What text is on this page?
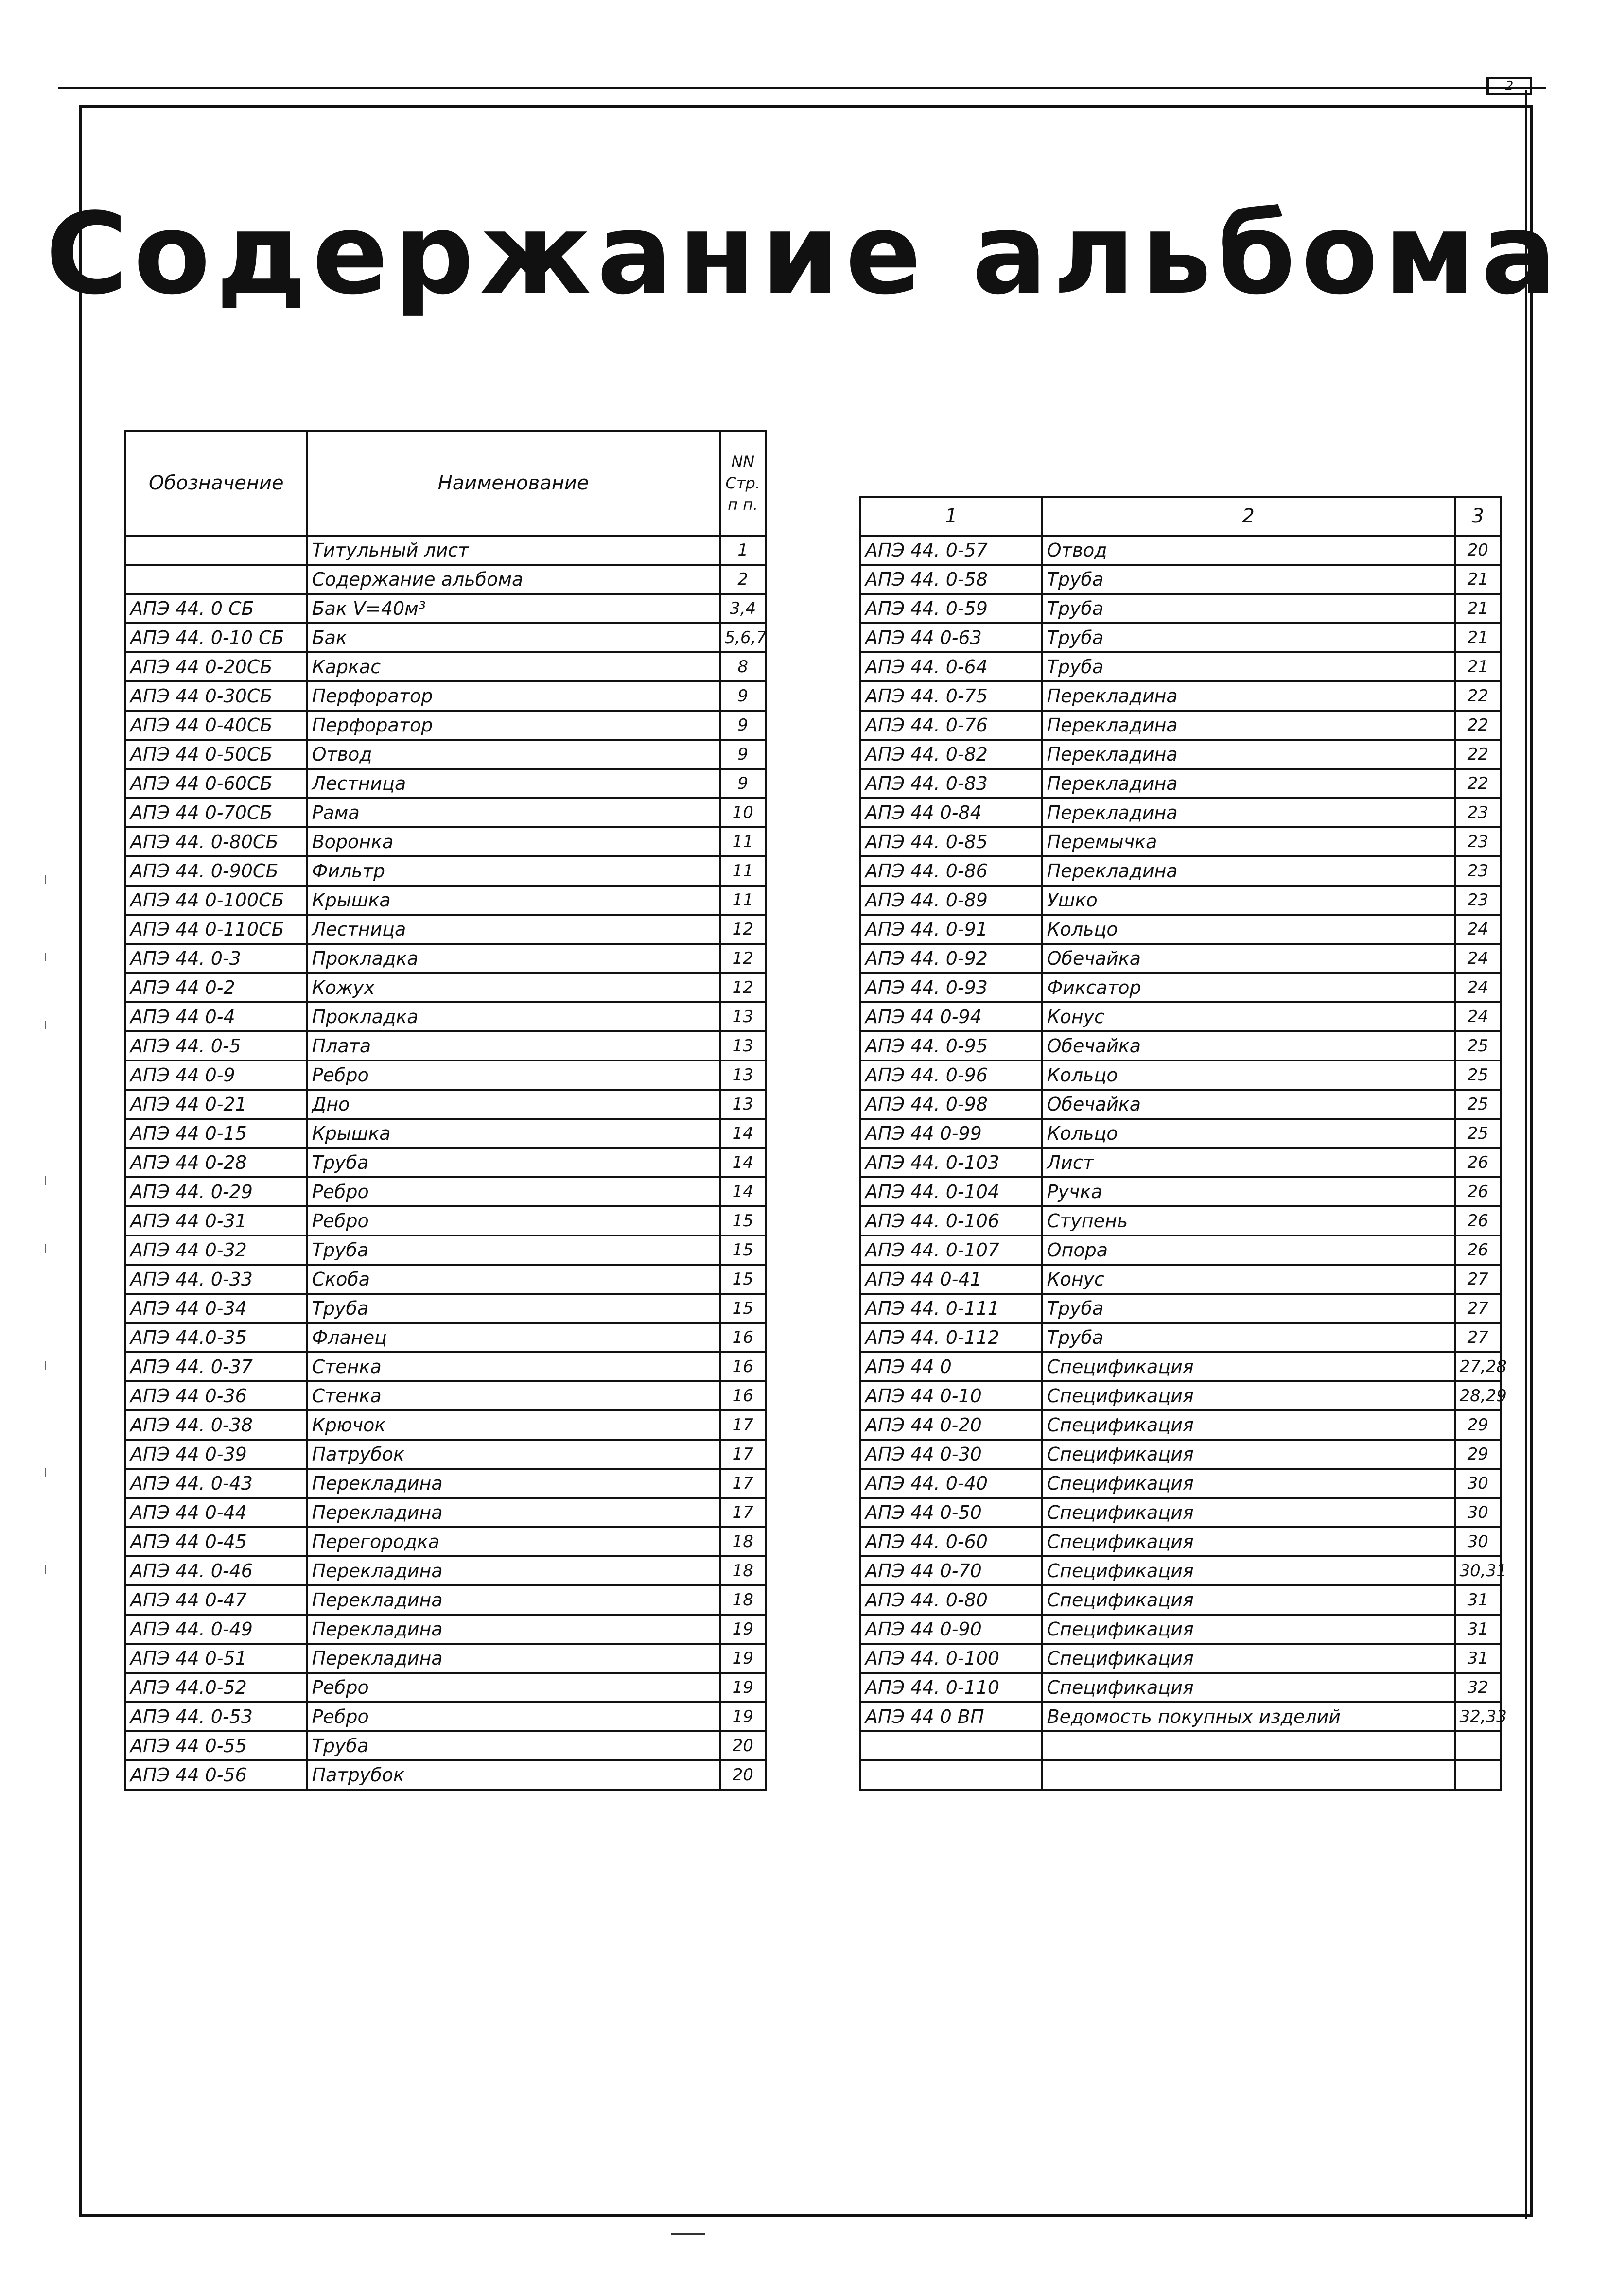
2
Содержание альбома
Обозначение	Наименование	NN Стр. п п.
	Титульный лист	1
	Содержание альбома	2
АПЭ 44. 0 СБ	Бак V=40м³	3,4
АПЭ 44. 0-10 СБ	Бак	5,6,7
АПЭ 44 0-20СБ	Каркас	8
АПЭ 44 0-30СБ	Перфоратор	9
АПЭ 44 0-40СБ	Перфоратор	9
АПЭ 44 0-50СБ	Отвод	9
АПЭ 44 0-60СБ	Лестница	9
АПЭ 44 0-70СБ	Рама	10
АПЭ 44. 0-80СБ	Воронка	11
АПЭ 44. 0-90СБ	Фильтр	11
АПЭ 44 0-100СБ	Крышка	11
АПЭ 44 0-110СБ	Лестница	12
АПЭ 44. 0-3	Прокладка	12
АПЭ 44 0-2	Кожух	12
АПЭ 44 0-4	Прокладка	13
АПЭ 44. 0-5	Плата	13
АПЭ 44 0-9	Ребро	13
АПЭ 44 0-21	Дно	13
АПЭ 44 0-15	Крышка	14
АПЭ 44 0-28	Труба	14
АПЭ 44. 0-29	Ребро	14
АПЭ 44 0-31	Ребро	15
АПЭ 44 0-32	Труба	15
АПЭ 44. 0-33	Скоба	15
АПЭ 44 0-34	Труба	15
АПЭ 44.0-35	Фланец	16
АПЭ 44. 0-37	Стенка	16
АПЭ 44 0-36	Стенка	16
АПЭ 44. 0-38	Крючок	17
АПЭ 44 0-39	Патрубок	17
АПЭ 44. 0-43	Перекладина	17
АПЭ 44 0-44	Перекладина	17
АПЭ 44 0-45	Перегородка	18
АПЭ 44. 0-46	Перекладина	18
АПЭ 44 0-47	Перекладина	18
АПЭ 44. 0-49	Перекладина	19
АПЭ 44 0-51	Перекладина	19
АПЭ 44.0-52	Ребро	19
АПЭ 44. 0-53	Ребро	19
АПЭ 44 0-55	Труба	20
АПЭ 44 0-56	Патрубок	20
1	2	3
АПЭ 44. 0-57	Отвод	20
АПЭ 44. 0-58	Труба	21
АПЭ 44. 0-59	Труба	21
АПЭ 44 0-63	Труба	21
АПЭ 44. 0-64	Труба	21
АПЭ 44. 0-75	Перекладина	22
АПЭ 44. 0-76	Перекладина	22
АПЭ 44. 0-82	Перекладина	22
АПЭ 44. 0-83	Перекладина	22
АПЭ 44 0-84	Перекладина	23
АПЭ 44. 0-85	Перемычка	23
АПЭ 44. 0-86	Перекладина	23
АПЭ 44. 0-89	Ушко	23
АПЭ 44. 0-91	Кольцо	24
АПЭ 44. 0-92	Обечайка	24
АПЭ 44. 0-93	Фиксатор	24
АПЭ 44 0-94	Конус	24
АПЭ 44. 0-95	Обечайка	25
АПЭ 44. 0-96	Кольцо	25
АПЭ 44. 0-98	Обечайка	25
АПЭ 44 0-99	Кольцо	25
АПЭ 44. 0-103	Лист	26
АПЭ 44. 0-104	Ручка	26
АПЭ 44. 0-106	Ступень	26
АПЭ 44. 0-107	Опора	26
АПЭ 44 0-41	Конус	27
АПЭ 44. 0-111	Труба	27
АПЭ 44. 0-112	Труба	27
АПЭ 44 0	Спецификация	27,28
АПЭ 44 0-10	Спецификация	28,29
АПЭ 44 0-20	Спецификация	29
АПЭ 44 0-30	Спецификация	29
АПЭ 44. 0-40	Спецификация	30
АПЭ 44 0-50	Спецификация	30
АПЭ 44. 0-60	Спецификация	30
АПЭ 44 0-70	Спецификация	30,31
АПЭ 44. 0-80	Спецификация	31
АПЭ 44 0-90	Спецификация	31
АПЭ 44. 0-100	Спецификация	31
АПЭ 44. 0-110	Спецификация	32
АПЭ 44 0 ВП	Ведомость покупных изделий	32,33
